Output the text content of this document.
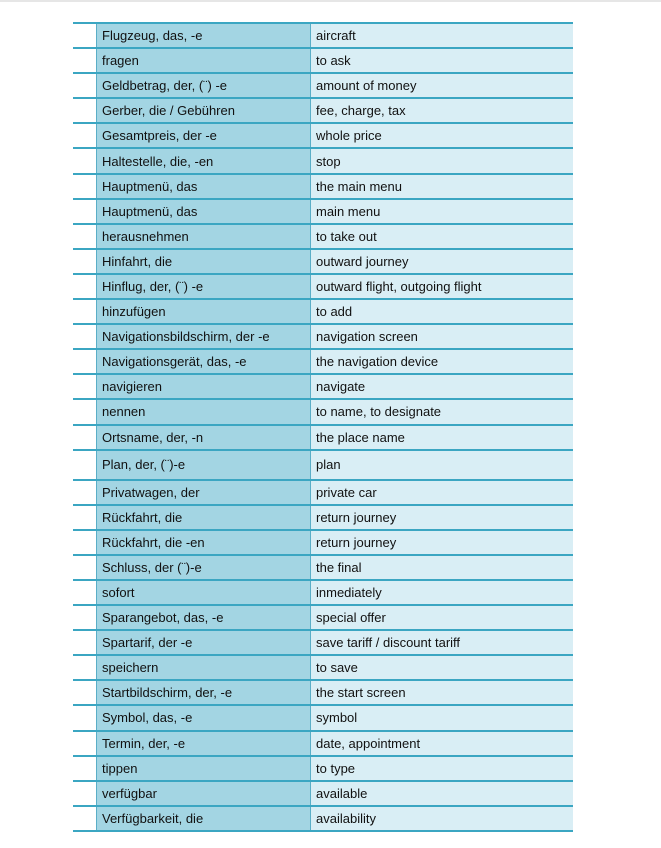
	Flugzeug, das, -e	aircraft
	fragen	to ask
	Geldbetrag, der, (¨) -e	amount of money
	Gerber, die / Gebühren	fee, charge, tax
	Gesamtpreis, der -e	whole price
	Haltestelle, die, -en	stop
	Hauptmenü, das	the main menu
	Hauptmenü, das	main menu
	herausnehmen	to take out
	Hinfahrt, die	outward journey
	Hinflug, der, (¨) -e	outward flight, outgoing flight
	hinzufügen	to add
	Navigationsbildschirm, der -e	navigation screen
	Navigationsgerät, das, -e	the navigation device
	navigieren	navigate
	nennen	to name, to designate
	Ortsname, der, -n	the place name
	Plan, der, (¨)-e	plan
	Privatwagen, der	private car
	Rückfahrt, die	return journey
	Rückfahrt, die -en	return journey
	Schluss, der (¨)-e	the final
	sofort	inmediately
	Sparangebot, das, -e	special offer
	Spartarif, der -e	save tariff / discount tariff
	speichern	to save
	Startbildschirm, der, -e	the start screen
	Symbol, das, -e	symbol
	Termin, der, -e	date, appointment
	tippen	to type
	verfügbar	available
	Verfügbarkeit, die	availability
